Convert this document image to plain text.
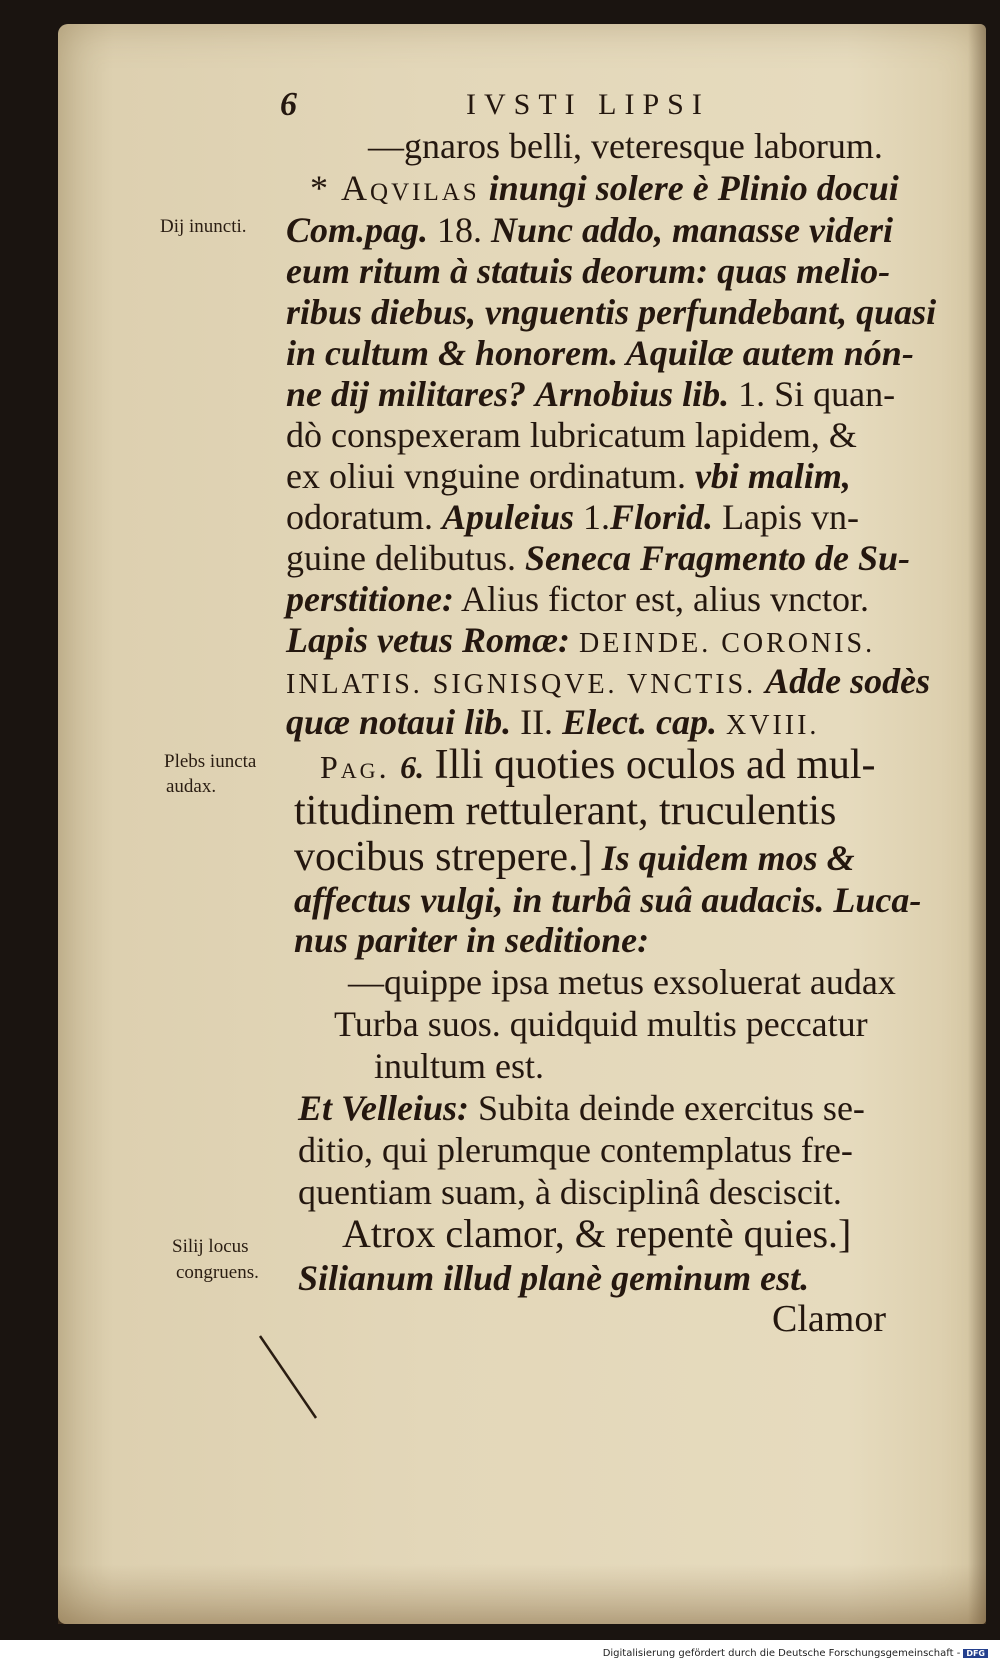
6	IVSTI LIPSI
Dij inuncti.
Plebs iuncta
audax.
Silij locus
congruens.
—gnaros belli, veteresque laborum.
* Aqvilas inungi solere è Plinio docui
Com.pag. 18. Nunc addo, manasse videri
eum ritum à statuis deorum: quas melio-
ribus diebus, vnguentis perfundebant, quasi
in cultum & honorem. Aquilæ autem nón-
ne dij militares? Arnobius lib. 1. Si quan-
dò conspexeram lubricatum lapidem, &
ex oliui vnguine ordinatum. vbi malim,
odoratum. Apuleius 1.Florid. Lapis vn-
guine delibutus. Seneca Fragmento de Su-
perstitione: Alius fictor est, alius vnctor.
Lapis vetus Romæ: DEINDE. CORONIS.
INLATIS. SIGNISQVE. VNCTIS. Adde sodès
quæ notaui lib. II. Elect. cap. XVIII.
Pag. 6. Illi quoties oculos ad mul-
titudinem rettulerant, truculentis
vocibus strepere.] Is quidem mos &
affectus vulgi, in turbâ suâ audacis. Luca-
nus pariter in seditione:
—quippe ipsa metus exsoluerat audax
Turba suos. quidquid multis peccatur
inultum est.
Et Velleius: Subita deinde exercitus se-
ditio, qui plerumque contemplatus fre-
quentiam suam, à disciplinâ desciscit.
Atrox clamor, & repentè quies.]
Silianum illud planè geminum est.
Clamor
Digitalisierung gefördert durch die Deutsche Forschungsgemeinschaft - DFG
